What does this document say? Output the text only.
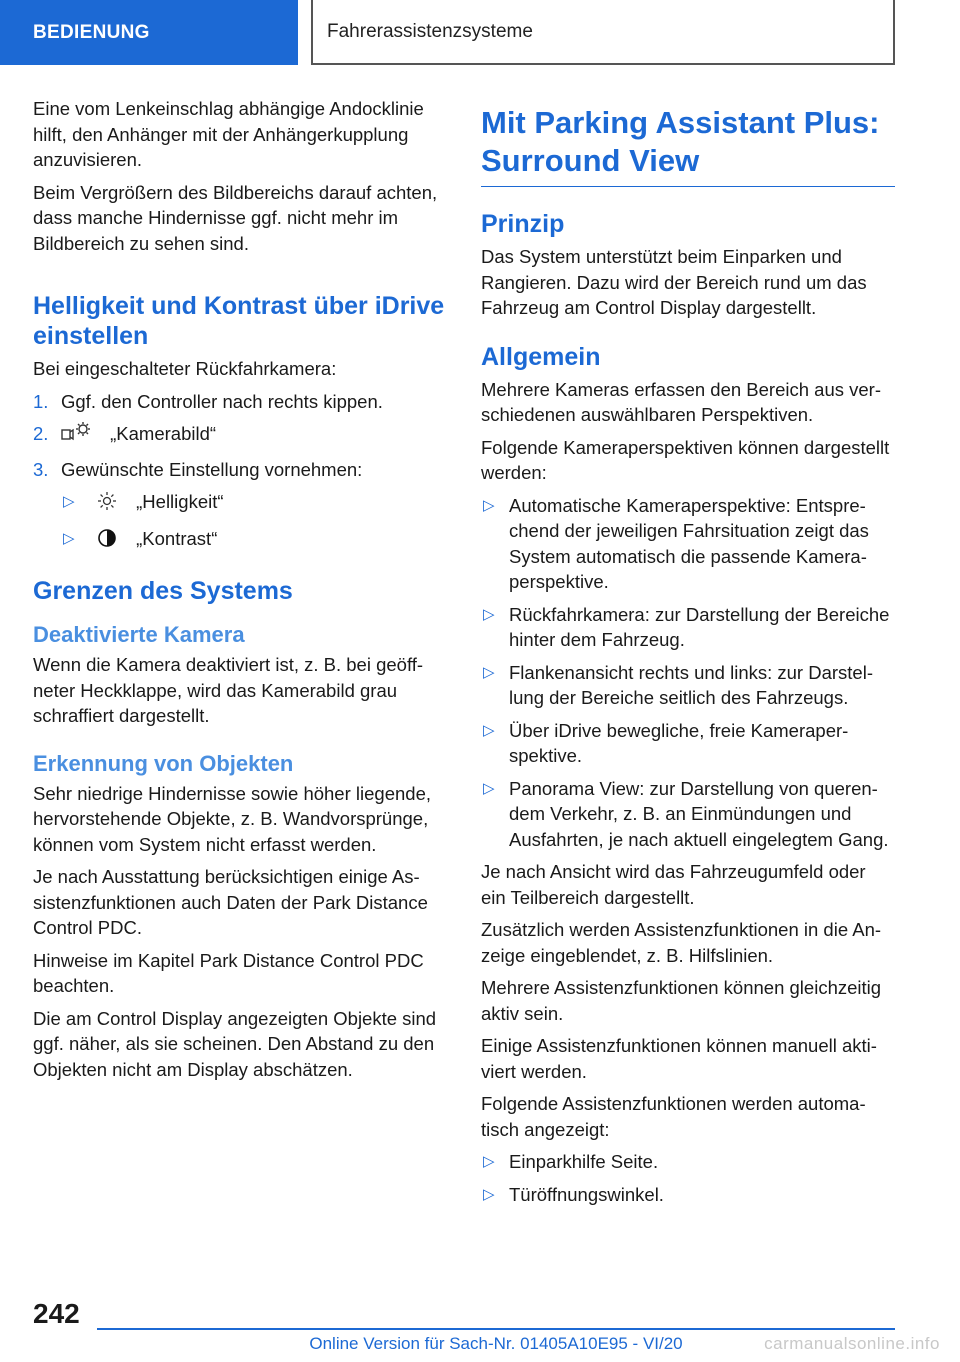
BEDIENUNG	Fahrerassistenzsysteme

Eine vom Lenkeinschlag abhängige Andocklinie hilft, den Anhänger mit der Anhängerkupplung anzuvisieren.

Beim Vergrößern des Bildbereichs darauf achten, dass manche Hindernisse ggf. nicht mehr im Bildbereich zu sehen sind.

Helligkeit und Kontrast über iDrive einstellen

Bei eingeschalteter Rückfahrkamera:

1. Ggf. den Controller nach rechts kippen.
2.	„Kamerabild“
3. Gewünschte Einstellung vornehmen:
▷	„Helligkeit“
▷	„Kontrast“
Grenzen des Systems
Deaktivierte Kamera

Wenn die Kamera deaktiviert ist, z. B. bei geöffneter Heckklappe, wird das Kamerabild grau schraffiert dargestellt.

Erkennung von Objekten

Sehr niedrige Hindernisse sowie höher liegende, hervorstehende Objekte, z. B. Wandvorsprünge, können vom System nicht erfasst werden.

Je nach Ausstattung berücksichtigen einige Assistenzfunktionen auch Daten der Park Distance Control PDC.

Hinweise im Kapitel Park Distance Control PDC beachten.

Die am Control Display angezeigten Objekte sind ggf. näher, als sie scheinen. Den Abstand zu den Objekten nicht am Display abschätzen.

Mit Parking Assistant Plus: Surround View
Prinzip

Das System unterstützt beim Einparken und Rangieren. Dazu wird der Bereich rund um das Fahrzeug am Control Display dargestellt.

Allgemein

Mehrere Kameras erfassen den Bereich aus verschiedenen auswählbaren Perspektiven.

Folgende Kameraperspektiven können dargestellt werden:

▷ Automatische Kameraperspektive: Entsprechend der jeweiligen Fahrsituation zeigt das System automatisch die passende Kameraperspektive.
▷ Rückfahrkamera: zur Darstellung der Bereiche hinter dem Fahrzeug.
▷ Flankenansicht rechts und links: zur Darstellung der Bereiche seitlich des Fahrzeugs.
▷ Über iDrive bewegliche, freie Kameraperspektive.
▷ Panorama View: zur Darstellung von querendem Verkehr, z. B. an Einmündungen und Ausfahrten, je nach aktuell eingelegtem Gang.

Je nach Ansicht wird das Fahrzeugumfeld oder ein Teilbereich dargestellt.

Zusätzlich werden Assistenzfunktionen in die Anzeige eingeblendet, z. B. Hilfslinien.

Mehrere Assistenzfunktionen können gleichzeitig aktiv sein.

Einige Assistenzfunktionen können manuell aktiviert werden.

Folgende Assistenzfunktionen werden automatisch angezeigt:

▷ Einparkhilfe Seite.
▷ Türöffnungswinkel.
242
Online Version für Sach-Nr. 01405A10E95 - VI/20	carmanualsonline.info
